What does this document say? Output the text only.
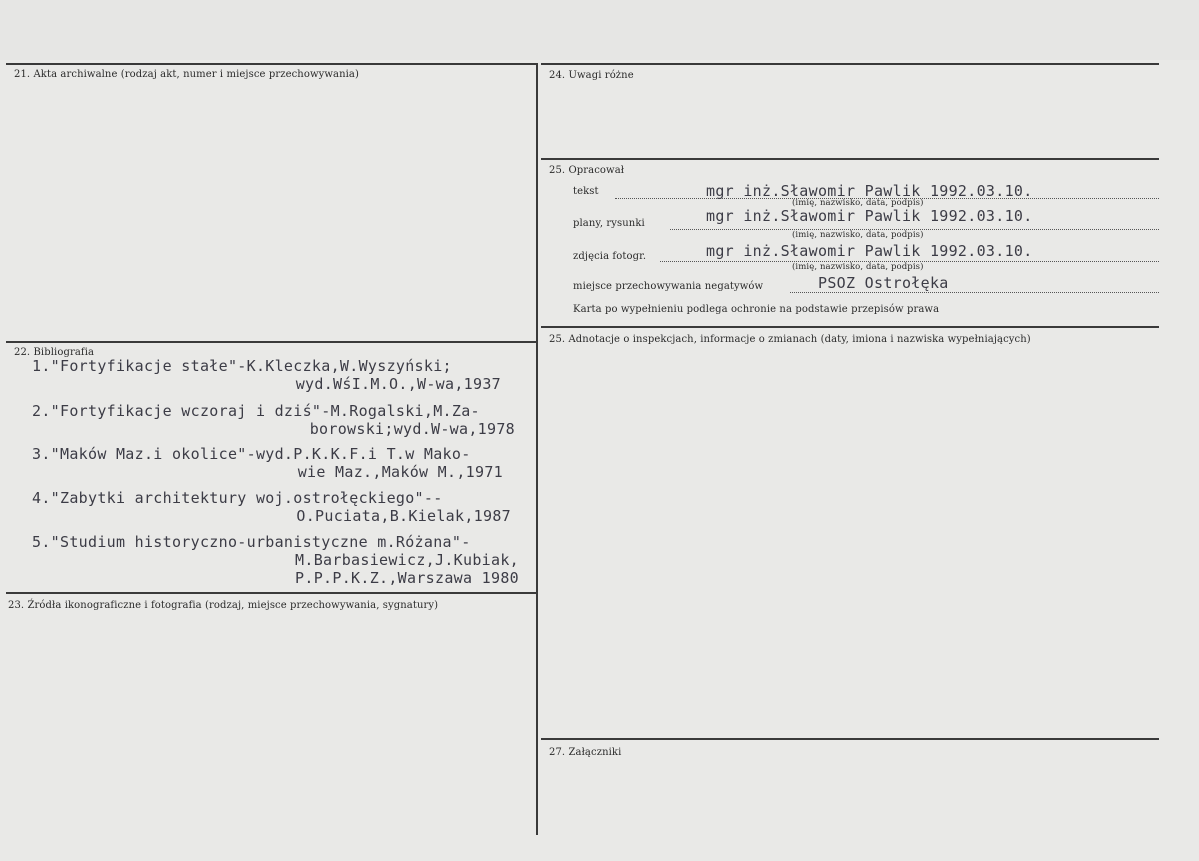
21. Akta archiwalne (rodzaj akt, numer i miejsce przechowywania)
22. Bibliografia
1."Fortyfikacje stałe"-K.Kleczka,W.Wyszyński;
wyd.WśI.M.O.,W-wa,1937
2."Fortyfikacje wczoraj i dziś"-M.Rogalski,M.Za-
borowski;wyd.W-wa,1978
3."Maków Maz.i okolice"-wyd.P.K.K.F.i T.w Mako-
wie Maz.,Maków M.,1971
4."Zabytki architektury woj.ostrołęckiego"--
O.Puciata,B.Kielak,1987
5."Studium historyczno-urbanistyczne m.Różana"-
M.Barbasiewicz,J.Kubiak,
P.P.P.K.Z.,Warszawa 1980
23. Źródła ikonograficzne i fotografia (rodzaj, miejsce przechowywania, sygnatury)
24. Uwagi różne
25. Opracował
tekst	mgr inż.Sławomir Pawlik 1992.03.10.
(imię, nazwisko, data, podpis)
plany, rysunki	mgr inż.Sławomir Pawlik 1992.03.10.
(imię, nazwisko, data, podpis)
zdjęcia fotogr.	mgr inż.Sławomir Pawlik 1992.03.10.
(imię, nazwisko, data, podpis)
miejsce przechowywania negatywów	PSOZ Ostrołęka
Karta po wypełnieniu podlega ochronie na podstawie przepisów prawa
25. Adnotacje o inspekcjach, informacje o zmianach (daty, imiona i nazwiska wypełniających)
27. Załączniki
